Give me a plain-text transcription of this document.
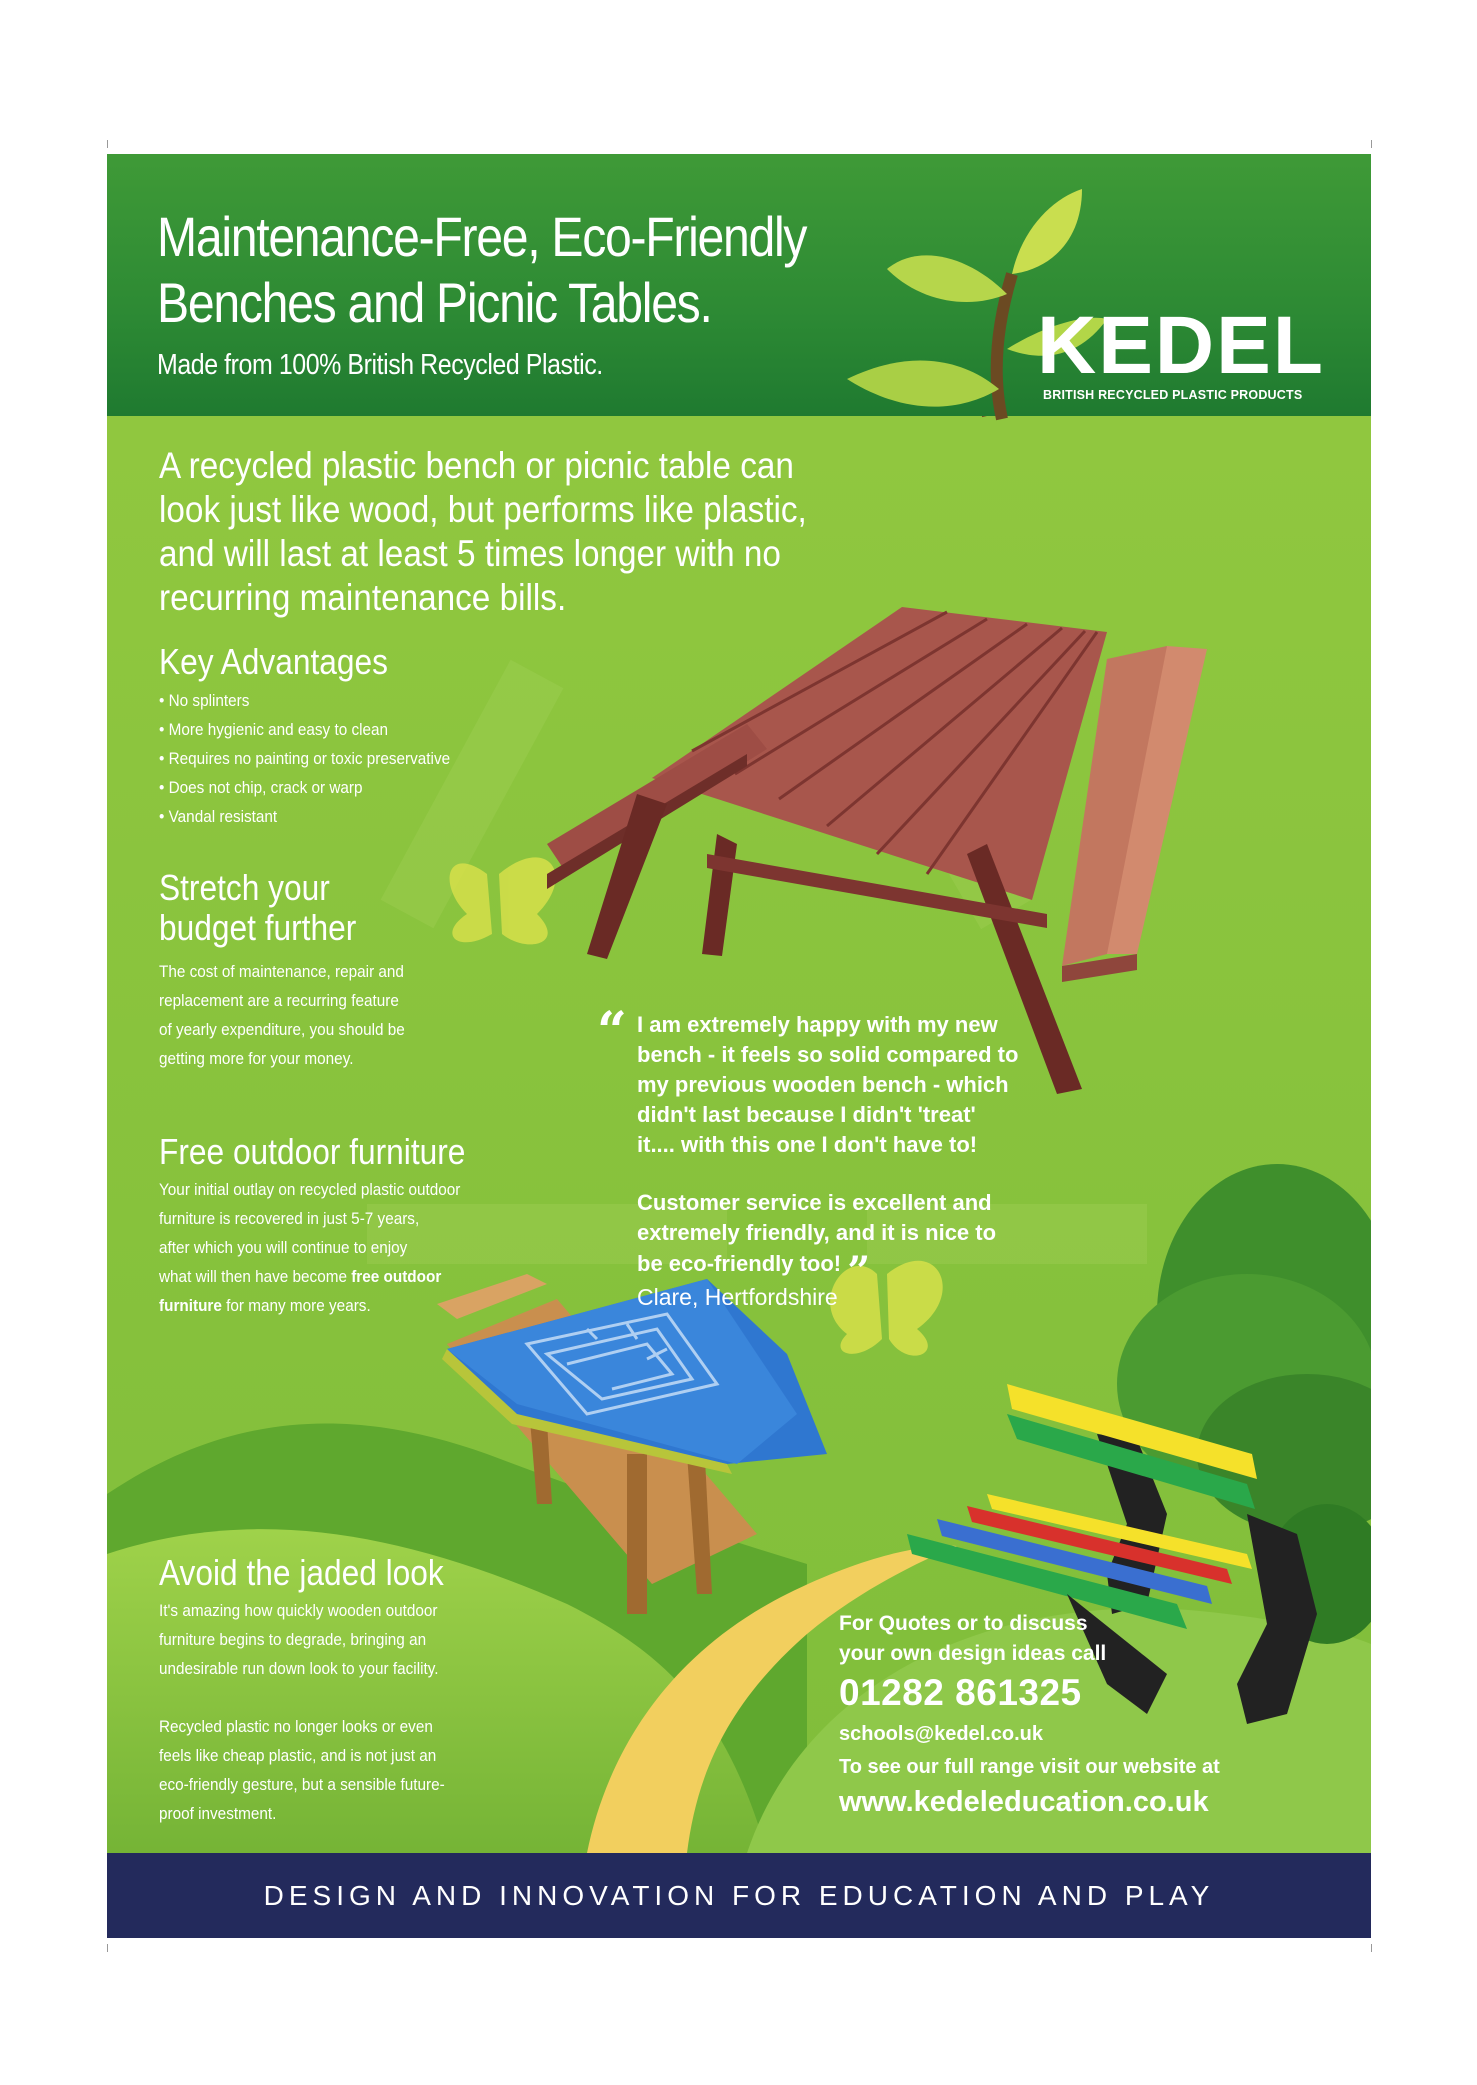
Maintenance-Free, Eco-Friendly
Benches and Picnic Tables.
Made from 100% British Recycled Plastic.	KEDEL
BRITISH RECYCLED PLASTIC PRODUCTS
A recycled plastic bench or picnic table can
look just like wood, but performs like plastic,
and will last at least 5 times longer with no
recurring maintenance bills.
Key Advantages
• No splinters
• More hygienic and easy to clean
• Requires no painting or toxic preservative
• Does not chip, crack or warp
• Vandal resistant
Stretch your
budget further
The cost of maintenance, repair and
replacement are a recurring feature
of yearly expenditure, you should be
getting more for your money.
Free outdoor furniture
Your initial outlay on recycled plastic outdoor
furniture is recovered in just 5-7 years,
after which you will continue to enjoy
what will then have become free outdoor
furniture for many more years.
Avoid the jaded look
It's amazing how quickly wooden outdoor
furniture begins to degrade, bringing an
undesirable run down look to your facility.
Recycled plastic no longer looks or even
feels like cheap plastic, and is not just an
eco-friendly gesture, but a sensible future-
proof investment.
“ I am extremely happy with my new
bench - it feels so solid compared to
my previous wooden bench - which
didn't last because I didn't 'treat'
it.... with this one I don't have to!
Customer service is excellent and
extremely friendly, and it is nice to
be eco-friendly too! ”
Clare, Hertfordshire
For Quotes or to discuss
your own design ideas call
01282 861325
schools@kedel.co.uk
To see our full range visit our website at
www.kedeleducation.co.uk
DESIGN AND INNOVATION FOR EDUCATION AND PLAY
